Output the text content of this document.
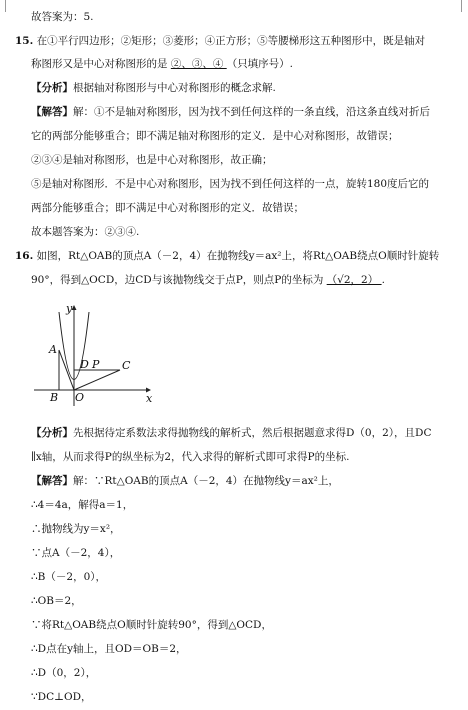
故答案为：5.
15. 在①平行四边形；②矩形；③菱形；④正方形；⑤等腰梯形这五种图形中，既是轴对
称图形又是中心对称图形的是 ②、③、④ （只填序号）.
【分析】根据轴对称图形与中心对称图形的概念求解.
【解答】解：①不是轴对称图形，因为找不到任何这样的一条直线，沿这条直线对折后
它的两部分能够重合；即不满足轴对称图形的定义．是中心对称图形，故错误；
②③④是轴对称图形，也是中心对称图形，故正确；
⑤是轴对称图形．不是中心对称图形，因为找不到任何这样的一点，旋转180度后它的
两部分能够重合；即不满足中心对称图形的定义．故错误；
故本题答案为：②③④.
16. 如图，Rt△OAB的顶点A（－2，4）在抛物线y＝ax²上，将Rt△OAB绕点O顺时针旋转
90°，得到△OCD，边CD与该抛物线交于点P，则点P的坐标为 （√2，2） .
【分析】先根据待定系数法求得抛物线的解析式，然后根据题意求得D（0，2），且DC
∥x轴，从而求得P的纵坐标为2，代入求得的解析式即可求得P的坐标.
【解答】解：∵Rt△OAB的顶点A（－2，4）在抛物线y＝ax²上，
∴4＝4a，解得a＝1，
∴抛物线为y＝x²，
∵点A（－2，4），
∴B（－2，0），
∴OB＝2，
∵将Rt△OAB绕点O顺时针旋转90°，得到△OCD，
∴D点在y轴上，且OD＝OB＝2，
∴D（0，2），
∵DC⊥OD，
y
x
A
B O
D P C
